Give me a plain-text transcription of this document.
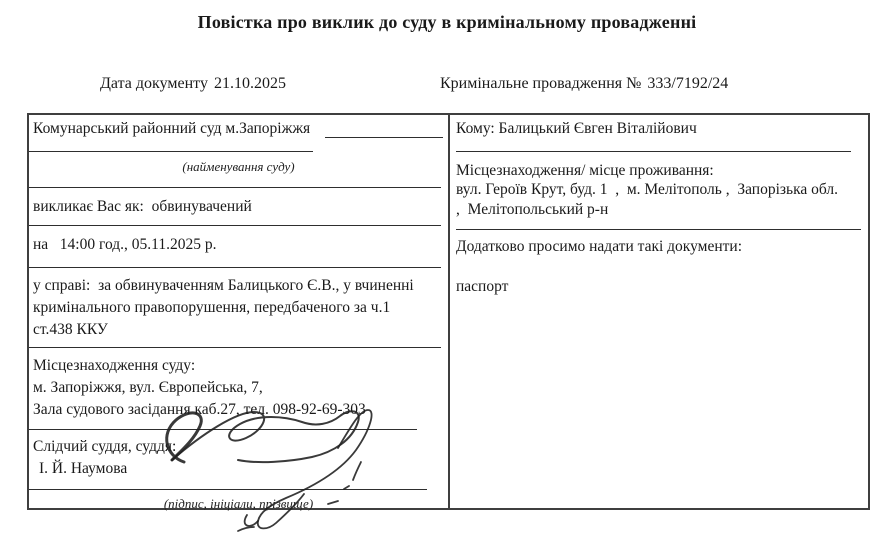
Повістка про виклик до суду в кримінальному провадженні
Дата документу 21.10.2025	Кримінальне провадження № 333/7192/24
Комунарський районний суд м.Запоріжжя
(найменування суду)
викликає Вас як:  обвинувачений
на   14:00 год., 05.11.2025 р.
у справі:  за обвинуваченням Балицького Є.В., у вчиненні
кримінального правопорушення, передбаченого за ч.1
ст.438 ККУ
Місцезнаходження суду:
м. Запоріжжя, вул. Європейська, 7,
Зала судового засідання каб.27, тел. 098-92-69-303
Слідчий суддя, суддя:
І. Й. Наумова
(підпис, ініціали, прізвище)
Кому: Балицький Євген Віталійович
Місцезнаходження/ місце проживання:
вул. Героїв Крут, буд. 1  ,  м. Мелітополь ,  Запорізька обл.
,  Мелітопольський р-н
Додатково просимо надати такі документи:
паспорт
